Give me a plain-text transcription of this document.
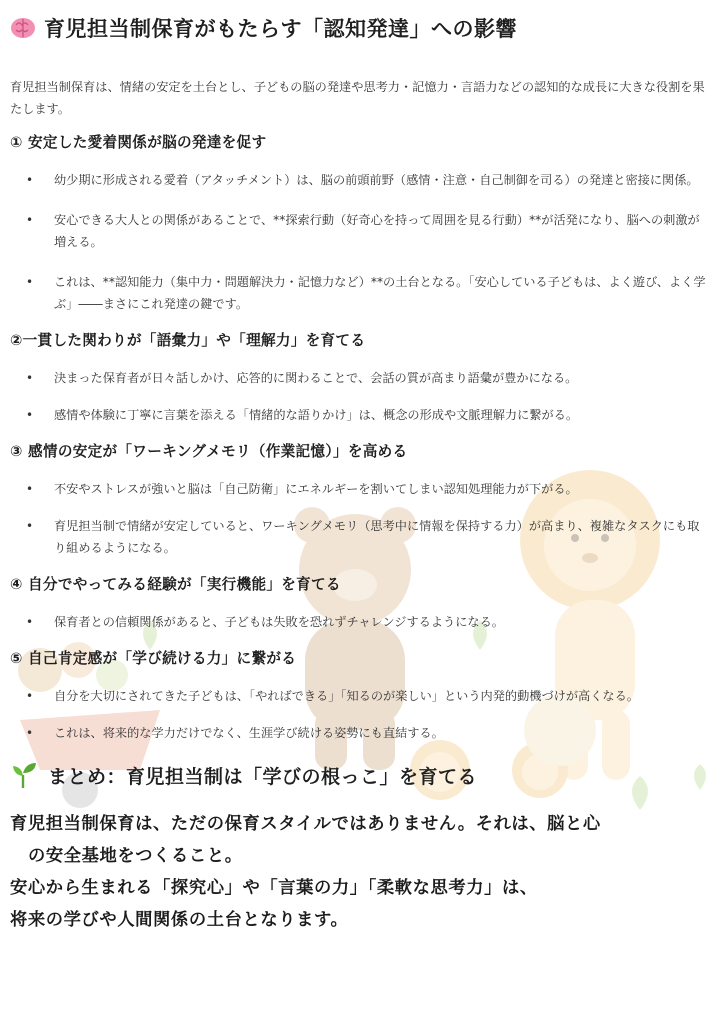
育児担当制保育がもたらす「認知発達」への影響

育児担当制保育は、情緒の安定を土台とし、子どもの脳の発達や思考力・記憶力・言語力などの認知的な成長に大きな役割を果たします。

① 安定した愛着関係が脳の発達を促す
• 幼少期に形成される愛着（アタッチメント）は、脳の前頭前野（感情・注意・自己制御を司る）の発達と密接に関係。
• 安心できる大人との関係があることで、**探索行動（好奇心を持って周囲を見る行動）**が活発になり、脳への刺激が増える。
• これは、**認知能力（集中力・問題解決力・記憶力など）**の土台となる。「安心している子どもは、よく遊び、よく学ぶ」――まさにこれ発達の鍵です。
②一貫した関わりが「語彙力」や「理解力」を育てる
• 決まった保育者が日々話しかけ、応答的に関わることで、会話の質が高まり語彙が豊かになる。
• 感情や体験に丁寧に言葉を添える「情緒的な語りかけ」は、概念の形成や文脈理解力に繋がる。
③ 感情の安定が「ワーキングメモリ（作業記憶）」を高める
• 不安やストレスが強いと脳は「自己防衛」にエネルギーを割いてしまい認知処理能力が下がる。
• 育児担当制で情緒が安定していると、ワーキングメモリ（思考中に情報を保持する力）が高まり、複雑なタスクにも取り組めるようになる。
④ 自分でやってみる経験が「実行機能」を育てる
• 保育者との信頼関係があると、子どもは失敗を恐れずチャレンジするようになる。
⑤ 自己肯定感が「学び続ける力」に繋がる
• 自分を大切にされてきた子どもは、「やればできる」「知るのが楽しい」という内発的動機づけが高くなる。
• これは、将来的な学力だけでなく、生涯学び続ける姿勢にも直結する。
まとめ：育児担当制は「学びの根っこ」を育てる
育児担当制保育は、ただの保育スタイルではありません。それは、脳と心
の安全基地をつくること。
安心から生まれる「探究心」や「言葉の力」「柔軟な思考力」は、
将来の学びや人間関係の土台となります。
